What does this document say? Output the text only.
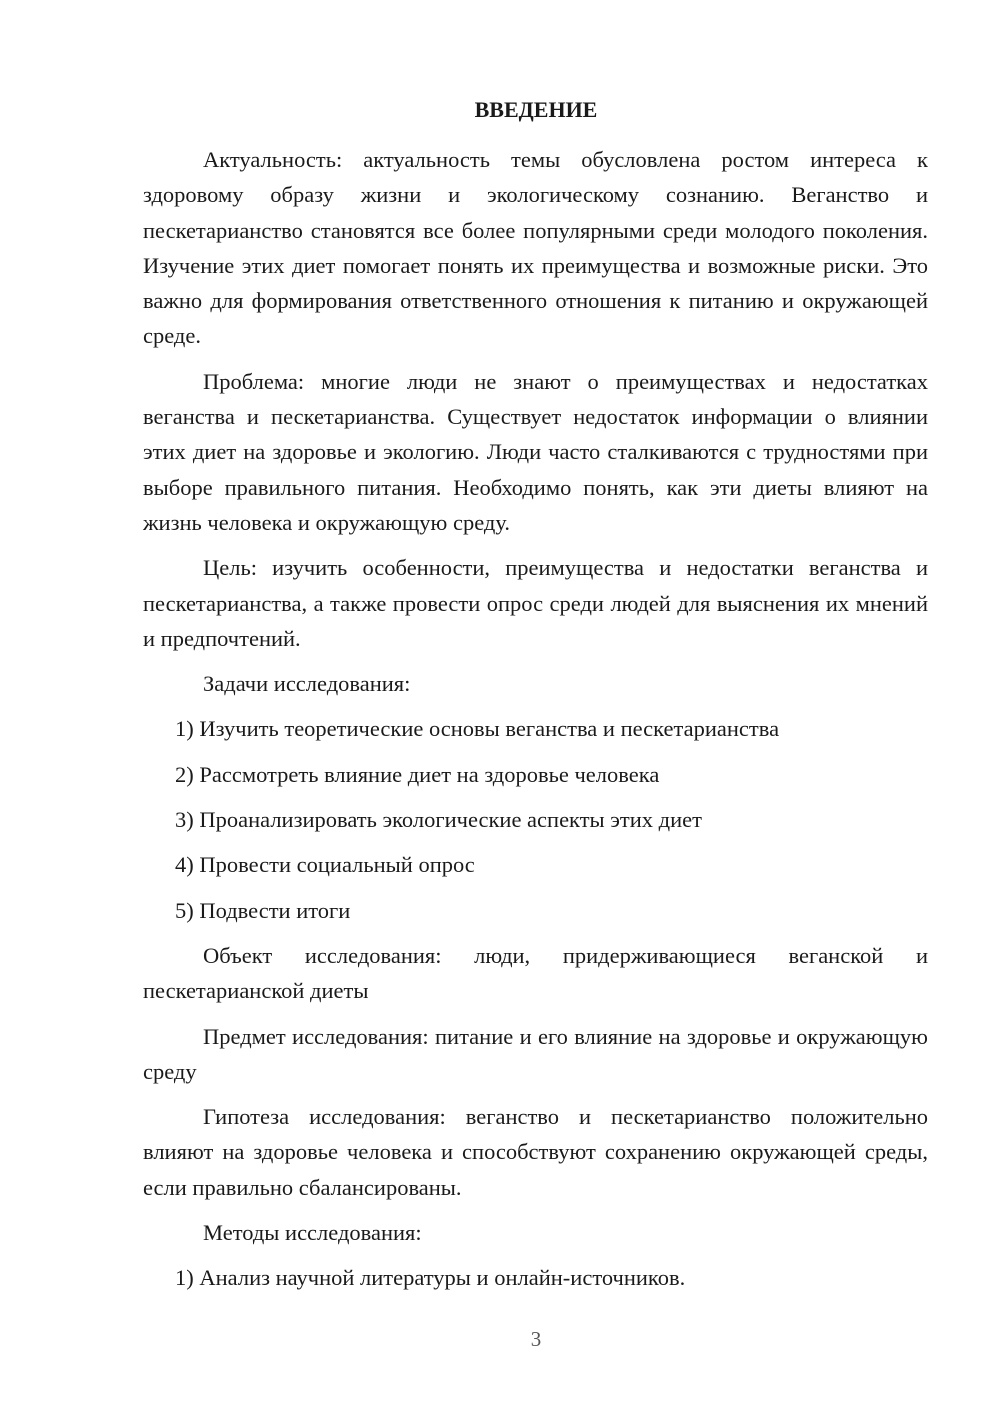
ВВЕДЕНИЕ

Актуальность: актуальность темы обусловлена ростом интереса к здоровому образу жизни и экологическому сознанию. Веганство и пескетарианство становятся все более популярными среди молодого поколения. Изучение этих диет помогает понять их преимущества и возможные риски. Это важно для формирования ответственного отношения к питанию и окружающей среде.

Проблема: многие люди не знают о преимуществах и недостатках веганства и пескетарианства. Существует недостаток информации о влиянии этих диет на здоровье и экологию. Люди часто сталкиваются с трудностями при выборе правильного питания. Необходимо понять, как эти диеты влияют на жизнь человека и окружающую среду.

Цель: изучить особенности, преимущества и недостатки веганства и пескетарианства, а также провести опрос среди людей для выяснения их мнений и предпочтений.

Задачи исследования:

1) Изучить теоретические основы веганства и пескетарианства

2) Рассмотреть влияние диет на здоровье человека

3) Проанализировать экологические аспекты этих диет

4) Провести социальный опрос

5) Подвести итоги

Объект исследования: люди, придерживающиеся веганской и пескетарианской диеты

Предмет исследования: питание и его влияние на здоровье и окружающую среду

Гипотеза исследования: веганство и пескетарианство положительно влияют на здоровье человека и способствуют сохранению окружающей среды, если правильно сбалансированы.

Методы исследования:

1) Анализ научной литературы и онлайн-источников.

3
